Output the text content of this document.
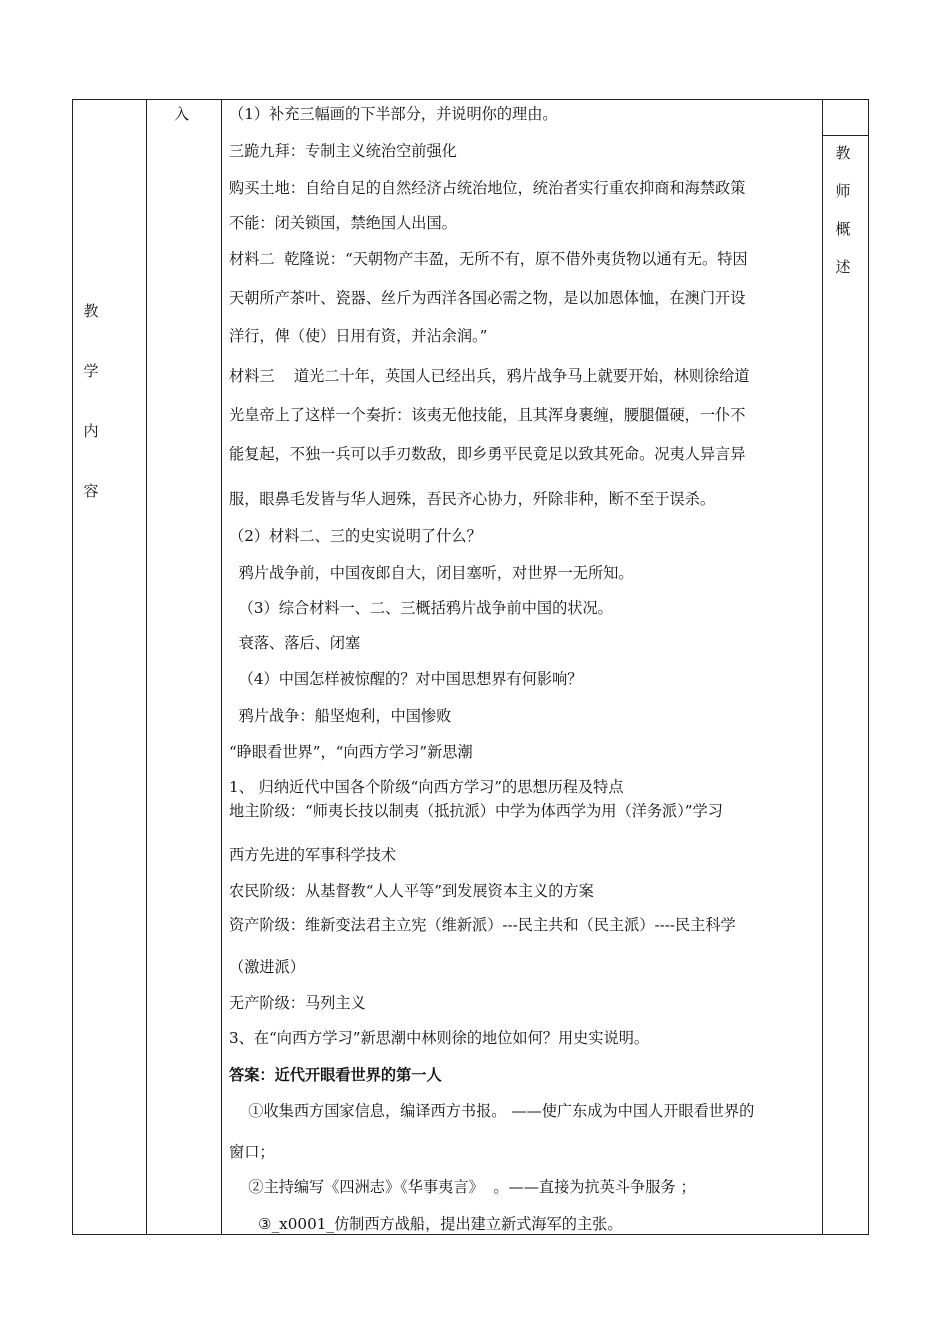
教
学
内
容
入
教
师
概
述
（1）补充三幅画的下半部分，并说明你的理由。
三跪九拜：专制主义统治空前强化
购买土地：自给自足的自然经济占统治地位，统治者实行重农抑商和海禁政策
不能：闭关锁国，禁绝国人出国。
材料二  乾隆说：“天朝物产丰盈，无所不有，原不借外夷货物以通有无。特因
天朝所产茶叶、瓷器、丝斤为西洋各国必需之物，是以加恩体恤，在澳门开设
洋行，俾（使）日用有资，并沾余润。”
材料三    道光二十年，英国人已经出兵，鸦片战争马上就要开始，林则徐给道
光皇帝上了这样一个奏折：该夷无他技能，且其浑身裹缠，腰腿僵硬，一仆不
能复起，不独一兵可以手刃数敌，即乡勇平民竟足以致其死命。况夷人异言异
服，眼鼻毛发皆与华人迥殊，吾民齐心协力，歼除非种，断不至于误杀。
（2）材料二、三的史实说明了什么？
鸦片战争前，中国夜郎自大，闭目塞听，对世界一无所知。
（3）综合材料一、二、三概括鸦片战争前中国的状况。
衰落、落后、闭塞
（4）中国怎样被惊醒的？对中国思想界有何影响？
鸦片战争：船坚炮利，中国惨败
“睁眼看世界”，“向西方学习”新思潮
1、 归纳近代中国各个阶级“向西方学习”的思想历程及特点
地主阶级：“师夷长技以制夷（抵抗派）中学为体西学为用（洋务派）”学习
西方先进的军事科学技术
农民阶级：从基督教“人人平等”到发展资本主义的方案
资产阶级：维新变法君主立宪（维新派）---民主共和（民主派）----民主科学
（激进派）
无产阶级：马列主义
3、在“向西方学习”新思潮中林则徐的地位如何？用史实说明。
答案：近代开眼看世界的第一人
①收集西方国家信息，编译西方书报。 ——使广东成为中国人开眼看世界的
窗口；
②主持编写《四洲志》《华事夷言》  。——直接为抗英斗争服务 ；
③_x0001_仿制西方战船，提出建立新式海军的主张。
